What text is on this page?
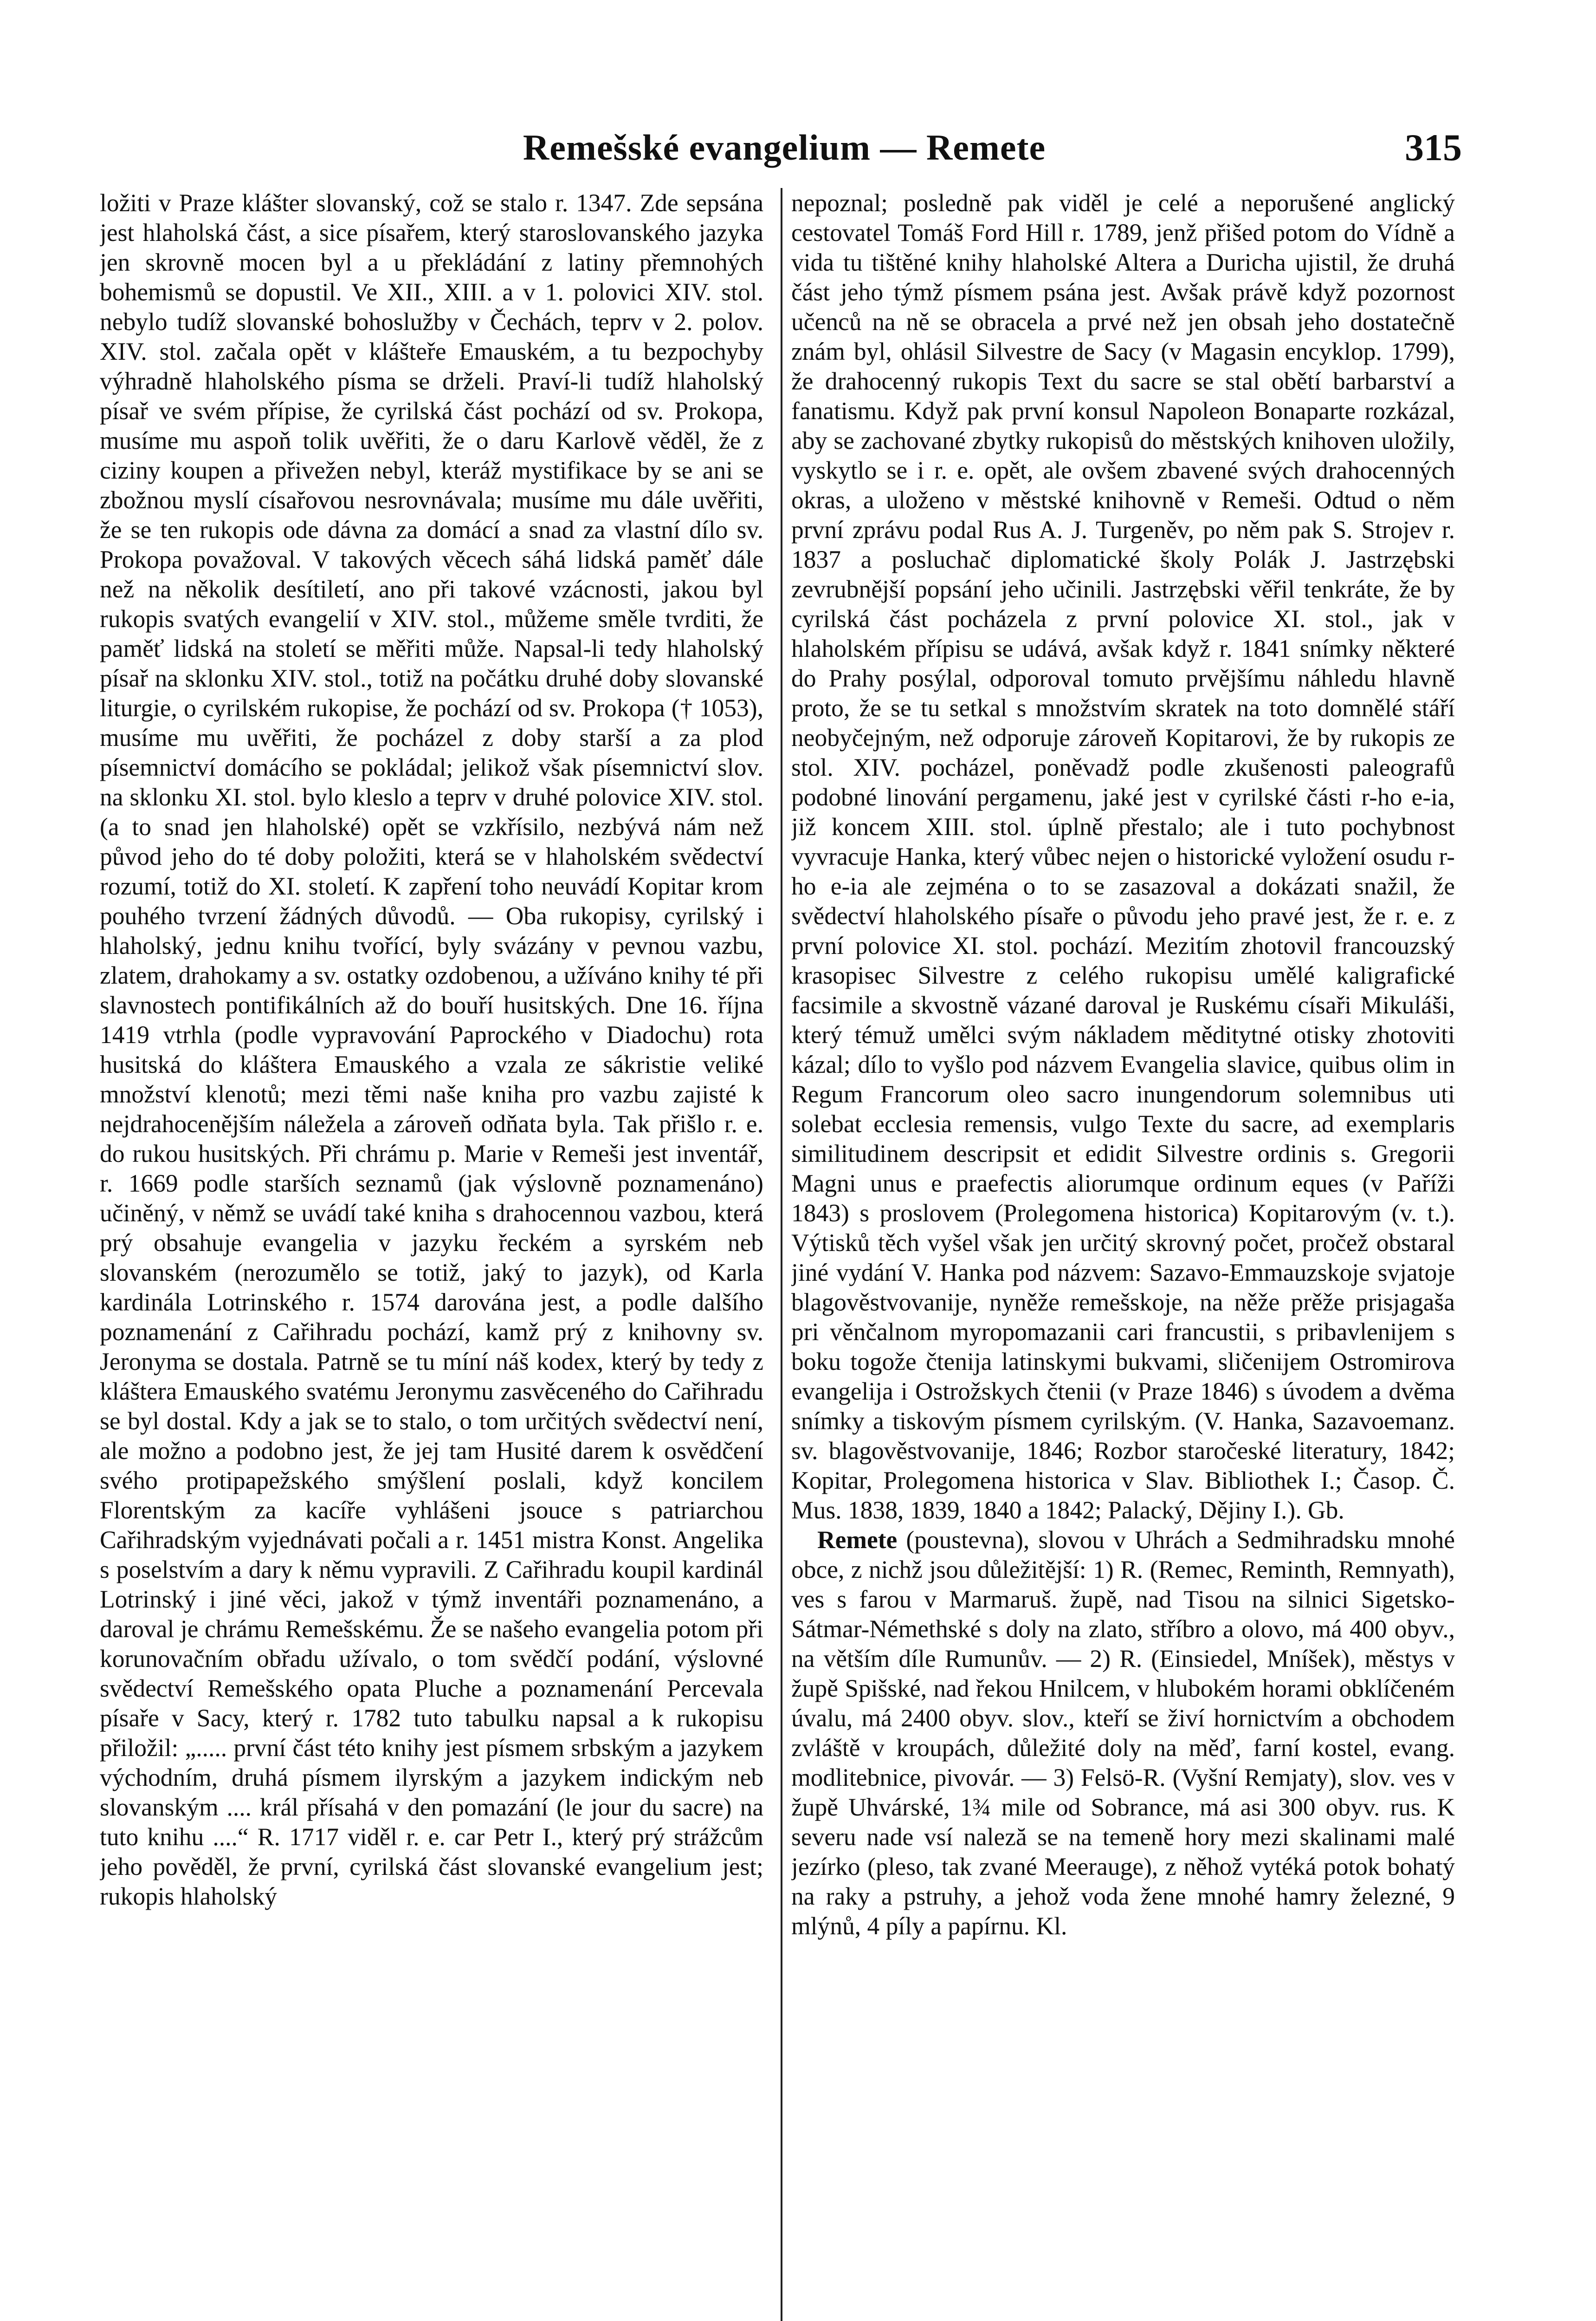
Remešské evangelium — Remete	315

ložiti v Praze klášter slovanský, což se stalo r. 1347. Zde sepsána jest hlaholská část, a sice písařem, který staroslovanského jazyka jen skrovně mocen byl a u překládání z latiny přemnohých bohemismů se dopustil. Ve XII., XIII. a v 1. polovici XIV. stol. nebylo tudíž slovanské bohoslužby v Čechách, teprv v 2. polov. XIV. stol. začala opět v klášteře Emauském, a tu bezpochyby výhradně hlaholského písma se drželi. Praví-li tudíž hlaholský písař ve svém přípise, že cyrilská část pochází od sv. Prokopa, musíme mu aspoň tolik uvěřiti, že o daru Karlově věděl, že z ciziny koupen a přivežen nebyl, kteráž mystifikace by se ani se zbožnou myslí císařovou nesrovnávala; musíme mu dále uvěřiti, že se ten rukopis ode dávna za domácí a snad za vlastní dílo sv. Prokopa považoval. V takových věcech sáhá lidská paměť dále než na několik desítiletí, ano při takové vzácnosti, jakou byl rukopis svatých evangelií v XIV. stol., můžeme směle tvrditi, že paměť lidská na století se měřiti může. Napsal-li tedy hlaholský písař na sklonku XIV. stol., totiž na počátku druhé doby slovanské liturgie, o cyrilském rukopise, že pochází od sv. Prokopa († 1053), musíme mu uvěřiti, že pocházel z doby starší a za plod písemnictví domácího se pokládal; jelikož však písemnictví slov. na sklonku XI. stol. bylo kleslo a teprv v druhé polovice XIV. stol. (a to snad jen hlaholské) opět se vzkřísilo, nezbývá nám než původ jeho do té doby položiti, která se v hlaholském svědectví rozumí, totiž do XI. století. K zapření toho neuvádí Kopitar krom pouhého tvrzení žádných důvodů. — Oba rukopisy, cyrilský i hlaholský, jednu knihu tvořící, byly svázány v pevnou vazbu, zlatem, drahokamy a sv. ostatky ozdobenou, a užíváno knihy té při slavnostech pontifikálních až do bouří husitských. Dne 16. října 1419 vtrhla (podle vypravování Paprockého v Diadochu) rota husitská do kláštera Emauského a vzala ze sákristie veliké množství klenotů; mezi těmi naše kniha pro vazbu zajisté k nejdrahocenějším náležela a zároveň odňata byla. Tak přišlo r. e. do rukou husitských. Při chrámu p. Marie v Remeši jest inventář, r. 1669 podle starších seznamů (jak výslovně poznamenáno) učiněný, v němž se uvádí také kniha s drahocennou vazbou, která prý obsahuje evangelia v jazyku řeckém a syrském neb slovanském (nerozumělo se totiž, jaký to jazyk), od Karla kardinála Lotrinského r. 1574 darována jest, a podle dalšího poznamenání z Cařihradu pochází, kamž prý z knihovny sv. Jeronyma se dostala. Patrně se tu míní náš kodex, který by tedy z kláštera Emauského svatému Jeronymu zasvěceného do Cařihradu se byl dostal. Kdy a jak se to stalo, o tom určitých svědectví není, ale možno a podobno jest, že jej tam Husité darem k osvědčení svého protipapežského smýšlení poslali, když koncilem Florentským za kacíře vyhlášeni jsouce s patriarchou Cařihradským vyjednávati počali a r. 1451 mistra Konst. Angelika s poselstvím a dary k němu vypravili. Z Cařihradu koupil kardinál Lotrinský i jiné věci, jakož v týmž inventáři poznamenáno, a daroval je chrámu Remešskému. Že se našeho evangelia potom při korunovačním obřadu užívalo, o tom svědčí podání, výslovné svědectví Remešského opata Pluche a poznamenání Percevala písaře v Sacy, který r. 1782 tuto tabulku napsal a k rukopisu přiložil: „..... první část této knihy jest písmem srbským a jazykem východním, druhá písmem ilyrským a jazykem indickým neb slovanským .... král přísahá v den pomazání (le jour du sacre) na tuto knihu ....“ R. 1717 viděl r. e. car Petr I., který prý strážcům jeho pověděl, že první, cyrilská část slovanské evangelium jest; rukopis hlaholský

nepoznal; posledně pak viděl je celé a neporušené anglický cestovatel Tomáš Ford Hill r. 1789, jenž přišed potom do Vídně a vida tu tištěné knihy hlaholské Altera a Duricha ujistil, že druhá část jeho týmž písmem psána jest. Avšak právě když pozornost učenců na ně se obracela a prvé než jen obsah jeho dostatečně znám byl, ohlásil Silvestre de Sacy (v Magasin encyklop. 1799), že drahocenný rukopis Text du sacre se stal obětí barbarství a fanatismu. Když pak první konsul Napoleon Bonaparte rozkázal, aby se zachované zbytky rukopisů do městských knihoven uložily, vyskytlo se i r. e. opět, ale ovšem zbavené svých drahocenných okras, a uloženo v městské knihovně v Remeši. Odtud o něm první zprávu podal Rus A. J. Turgeněv, po něm pak S. Strojev r. 1837 a posluchač diplomatické školy Polák J. Jastrzębski zevrubnější popsání jeho učinili. Jastrzębski věřil tenkráte, že by cyrilská část pocházela z první polovice XI. stol., jak v hlaholském přípisu se udává, avšak když r. 1841 snímky některé do Prahy posýlal, odporoval tomuto prvějšímu náhledu hlavně proto, že se tu setkal s množstvím skratek na toto domnělé stáří neobyčejným, než odporuje zároveň Kopitarovi, že by rukopis ze stol. XIV. pocházel, poněvadž podle zkušenosti paleografů podobné linování pergamenu, jaké jest v cyrilské části r-ho e-ia, již koncem XIII. stol. úplně přestalo; ale i tuto pochybnost vyvracuje Hanka, který vůbec nejen o historické vyložení osudu r-ho e-ia ale zejména o to se zasazoval a dokázati snažil, že svědectví hlaholského písaře o původu jeho pravé jest, že r. e. z první polovice XI. stol. pochází. Mezitím zhotovil francouzský krasopisec Silvestre z celého rukopisu umělé kaligrafické facsimile a skvostně vázané daroval je Ruskému císaři Mikuláši, který témuž umělci svým nákladem měditytné otisky zhotoviti kázal; dílo to vyšlo pod názvem Evangelia slavice, quibus olim in Regum Francorum oleo sacro inungendorum solemnibus uti solebat ecclesia remensis, vulgo Texte du sacre, ad exemplaris similitudinem descripsit et edidit Silvestre ordinis s. Gregorii Magni unus e praefectis aliorumque ordinum eques (v Paříži 1843) s proslovem (Prolegomena historica) Kopitarovým (v. t.). Výtisků těch vyšel však jen určitý skrovný počet, pročež obstaral jiné vydání V. Hanka pod názvem: Sazavo-Emmauzskoje svjatoje blagověstvovanije, nyněže remešskoje, na něže prěže prisjagaša pri věnčalnom myropomazanii cari francustii, s pribavlenijem s boku togože čtenija latinskymi bukvami, sličenijem Ostromirova evangelija i Ostrožskych čtenii (v Praze 1846) s úvodem a dvěma snímky a tiskovým písmem cyrilským. (V. Hanka, Sazavoemanz. sv. blagověstvovanije, 1846; Rozbor staročeské literatury, 1842; Kopitar, Prolegomena historica v Slav. Bibliothek I.; Časop. Č. Mus. 1838, 1839, 1840 a 1842; Palacký, Dějiny I.). Gb.

Remete (poustevna), slovou v Uhrách a Sedmihradsku mnohé obce, z nichž jsou důležitější: 1) R. (Remec, Reminth, Remnyath), ves s farou v Marmaruš. župě, nad Tisou na silnici Sigetsko-Sátmar-Némethské s doly na zlato, stříbro a olovo, má 400 obyv., na větším díle Rumunův. — 2) R. (Einsiedel, Mníšek), městys v župě Spišské, nad řekou Hnilcem, v hlubokém horami obklíčeném úvalu, má 2400 obyv. slov., kteří se živí hornictvím a obchodem zvláště v kroupách, důležité doly na měď, farní kostel, evang. modlitebnice, pivovár. — 3) Felsö-R. (Vyšní Remjaty), slov. ves v župě Uhvárské, 1¾ mile od Sobrance, má asi 300 obyv. rus. K severu nade vsí naleză se na temeně hory mezi skalinami malé jezírko (pleso, tak zvané Meerauge), z něhož vytéká potok bohatý na raky a pstruhy, a jehož voda žene mnohé hamry železné, 9 mlýnů, 4 píly a papírnu. Kl.
